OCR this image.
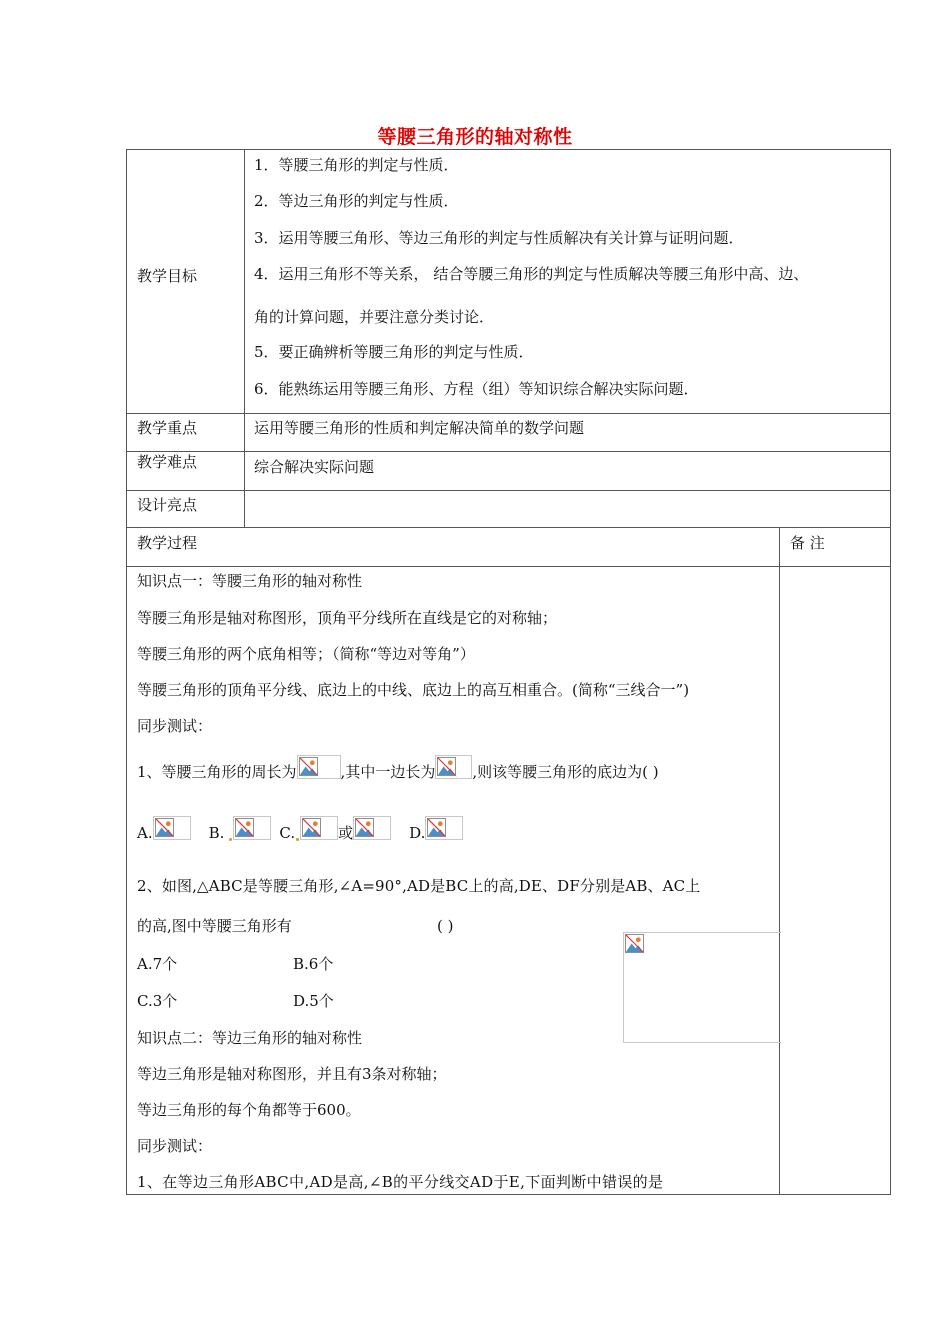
等腰三角形的轴对称性
教学目标
1．等腰三角形的判定与性质．
2．等边三角形的判定与性质．
3．运用等腰三角形、等边三角形的判定与性质解决有关计算与证明问题．
4．运用三角形不等关系， 结合等腰三角形的判定与性质解决等腰三角形中高、边、
角的计算问题，并要注意分类讨论．
5．要正确辨析等腰三角形的判定与性质．
6．能熟练运用等腰三角形、方程（组）等知识综合解决实际问题．
教学重点	运用等腰三角形的性质和判定解决简单的数学问题
教学难点	综合解决实际问题
设计亮点
教学过程	备 注
知识点一：等腰三角形的轴对称性
等腰三角形是轴对称图形，顶角平分线所在直线是它的对称轴；
等腰三角形的两个底角相等；（简称“等边对等角”）
等腰三角形的顶角平分线、底边上的中线、底边上的高互相重合。(简称“三线合一”)
同步测试：
1、等腰三角形的周长为	,其中一边长为 ,则该等腰三角形的底边为( )
A.	B.	C.	或	D.
2、如图,△ABC是等腰三角形,∠A=90°,AD是BC上的高,DE、DF分别是AB、AC上
的高,图中等腰三角形有	( )
A.7个	B.6个
C.3个	D.5个
知识点二：等边三角形的轴对称性
等边三角形是轴对称图形，并且有3条对称轴；
等边三角形的每个角都等于600。
同步测试：
1、在等边三角形ABC中,AD是高,∠B的平分线交AD于E,下面判断中错误的是
